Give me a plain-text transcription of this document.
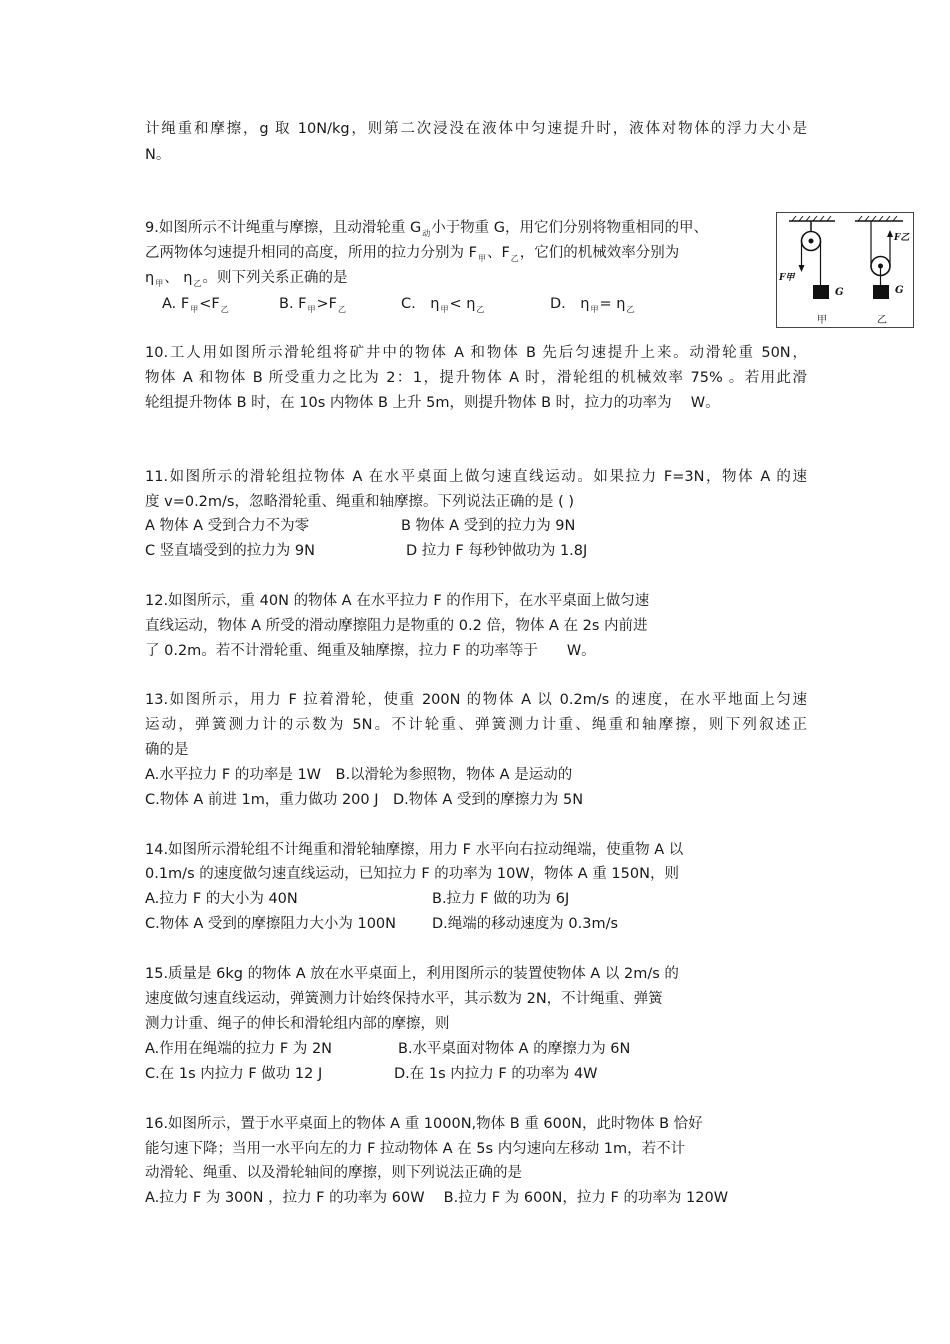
计绳重和摩擦，g 取 10N/kg，则第二次浸没在液体中匀速提升时，液体对物体的浮力大小是
N。
9.如图所示不计绳重与摩擦，且动滑轮重 $G_动$小于物重 G，用它们分别将物重相同的甲、
乙两物体匀速提升相同的高度，所用的拉力分别为 $F_甲$、$F_乙$，它们的机械效率分别为
$\eta_甲$、 $\eta_乙$。则下列关系正确的是
A. $F_甲<F_乙$	B. $F_甲>F_乙$	C.　$\eta_甲< \eta_乙$	D.　$\eta_甲= \eta_乙$
F甲
G
甲
F乙
G
乙
10.工人用如图所示滑轮组将矿井中的物体 A 和物体 B 先后匀速提升上来。动滑轮重 50N，
物体 A 和物体 B 所受重力之比为 2：1，提升物体 A 时，滑轮组的机械效率 75% 。若用此滑
轮组提升物体 B 时，在 10s 内物体 B 上升 5m，则提升物体 B 时，拉力的功率为　 W。
11.如图所示的滑轮组拉物体 A 在水平桌面上做匀速直线运动。如果拉力 F=3N，物体 A 的速
度 v=0.2m/s，忽略滑轮重、绳重和轴摩擦。下列说法正确的是 ( )
A 物体 A 受到合力不为零	B 物体 A 受到的拉力为 9N
C 竖直墙受到的拉力为 9N	D 拉力 F 每秒钟做功为 1.8J
12.如图所示，重 40N 的物体 A 在水平拉力 F 的作用下，在水平桌面上做匀速
直线运动，物体 A 所受的滑动摩擦阻力是物重的 0.2 倍，物体 A 在 2s 内前进
了 0.2m。若不计滑轮重、绳重及轴摩擦，拉力 F 的功率等于　　W。
13.如图所示，用力 F 拉着滑轮，使重 200N 的物体 A 以 0.2m/s 的速度，在水平地面上匀速
运动，弹簧测力计的示数为 5N。不计轮重、弹簧测力计重、绳重和轴摩擦，则下列叙述正
确的是
A.水平拉力 F 的功率是 1W　B.以滑轮为参照物，物体 A 是运动的
C.物体 A 前进 1m，重力做功 200 J　D.物体 A 受到的摩擦力为 5N
14.如图所示滑轮组不计绳重和滑轮轴摩擦，用力 F 水平向右拉动绳端，使重物 A 以
0.1m/s 的速度做匀速直线运动，已知拉力 F 的功率为 10W，物体 A 重 150N，则
A.拉力 F 的大小为 40N	B.拉力 F 做的功为 6J
C.物体 A 受到的摩擦阻力大小为 100N D.绳端的移动速度为 0.3m/s
15.质量是 6kg 的物体 A 放在水平桌面上，利用图所示的装置使物体 A 以 2m/s 的
速度做匀速直线运动，弹簧测力计始终保持水平，其示数为 2N，不计绳重、弹簧
测力计重、绳子的伸长和滑轮组内部的摩擦，则
A.作用在绳端的拉力 F 为 2N	B.水平桌面对物体 A 的摩擦力为 6N
C.在 1s 内拉力 F 做功 12 J	D.在 1s 内拉力 F 的功率为 4W
16.如图所示，置于水平桌面上的物体 A 重 1000N,物体 B 重 600N，此时物体 B 恰好
能匀速下降；当用一水平向左的力 F 拉动物体 A 在 5s 内匀速向左移动 1m，若不计
动滑轮、绳重、以及滑轮轴间的摩擦，则下列说法正确的是
A.拉力 F 为 300N ，拉力 F 的功率为 60W　 B.拉力 F 为 600N，拉力 F 的功率为 120W
